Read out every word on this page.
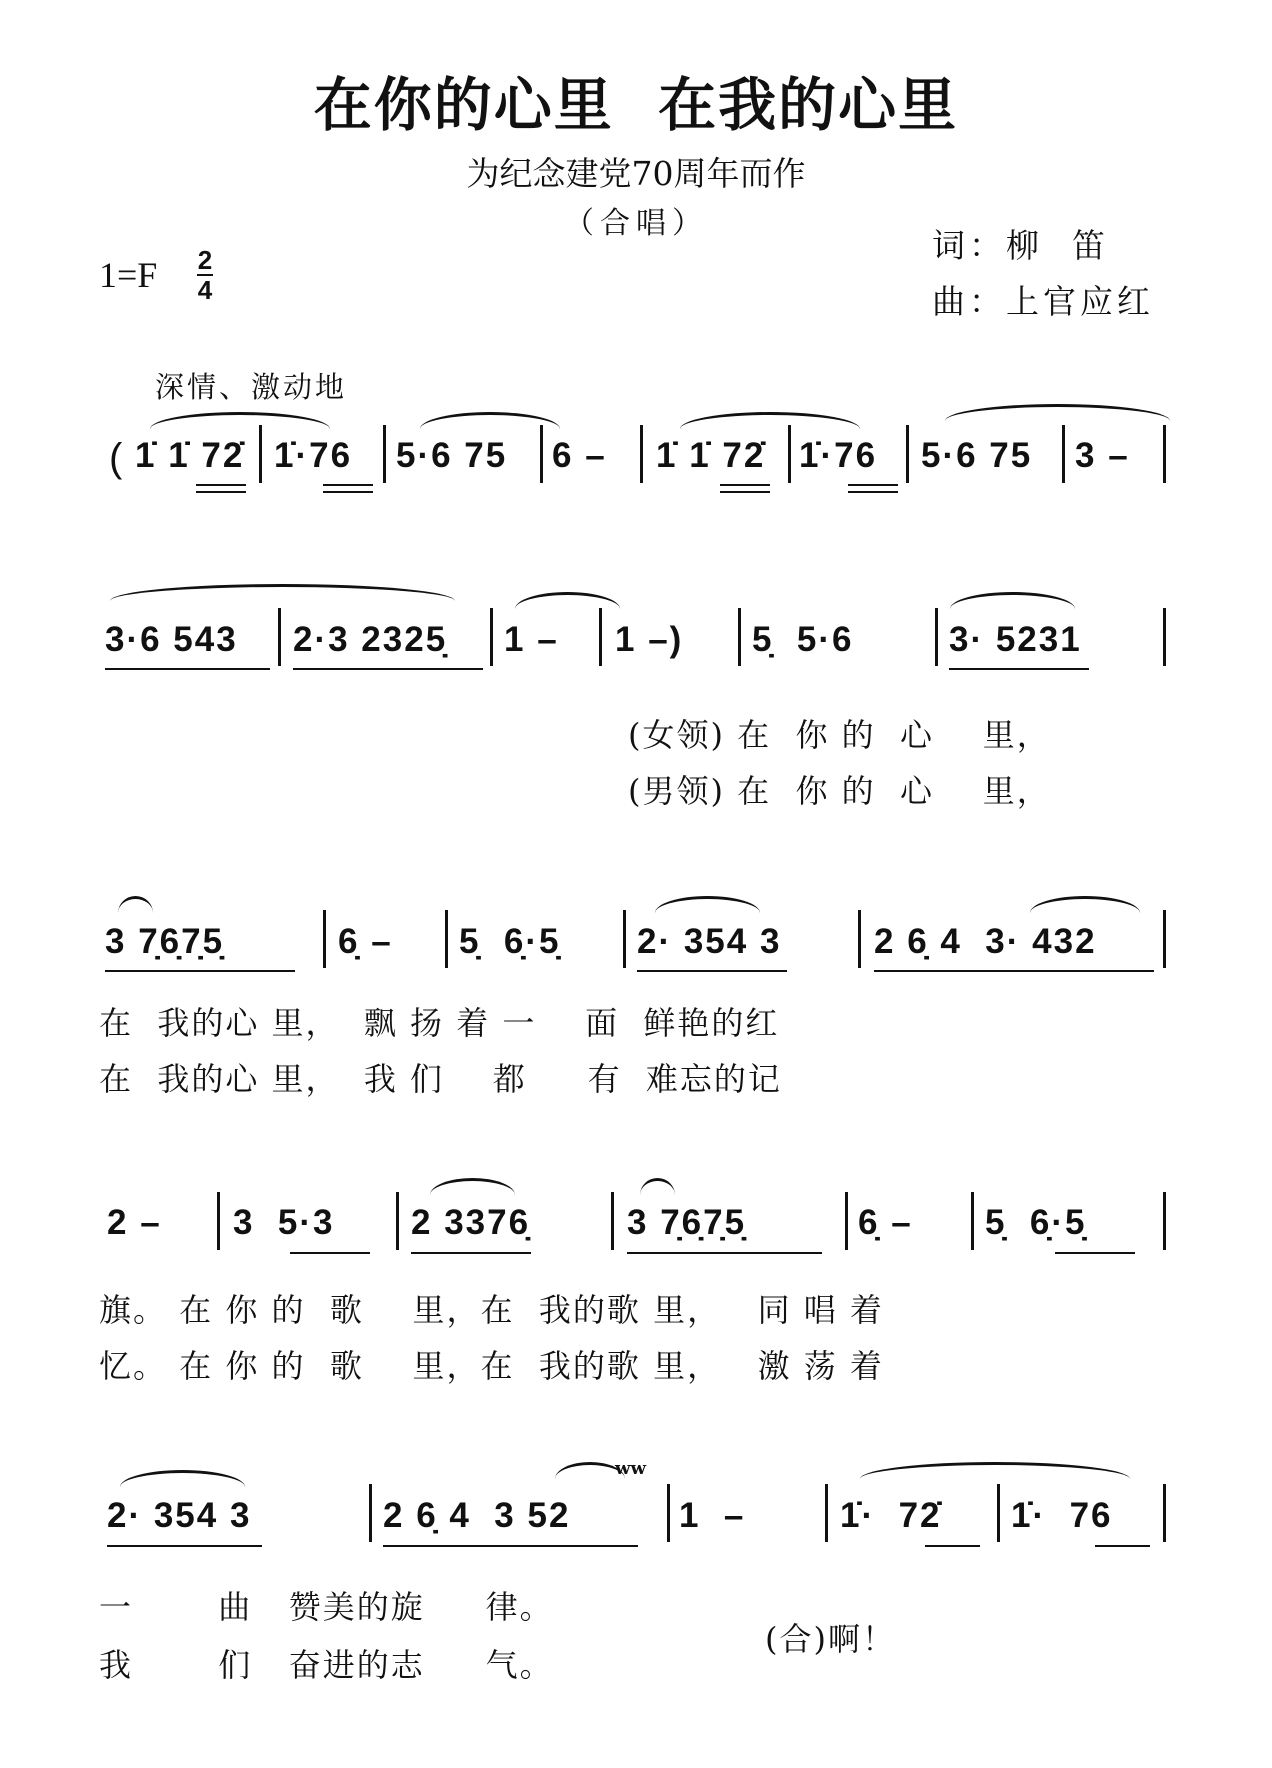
在你的心里  在我的心里
为纪念建党70周年而作
（合唱）
词：柳  笛
曲：上官应红
1=F 2
4
深情、激动地
( 1̇ 1̇ 72̇ 1̇·76 5·6 75 6 – 1̇ 1̇ 72̇ 1̇·76 5·6 75 3 –
3·6 543 2·3 2325̣ 1 – 1 –) 5̣  5·6	3· 5231
(女领) 在  你 的  心    里，
(男领) 在  你 的  心    里，
3 7̣6̣7̣5̣	6̣ – 5̣  6̣·5̣ 2· 354 3	2 6̣ 4  3· 432
在  我的心 里，  飘 扬 着 一    面  鲜艳的红
在  我的心 里，  我 们    都     有  难忘的记
2 – 3  5·3 2 3376̣	3 7̣6̣7̣5̣	6̣ – 5̣  6̣·5̣
旗。 在 你 的  歌    里，在  我的歌 里，   同 唱 着
忆。 在 你 的  歌    里，在  我的歌 里，   激 荡 着
2· 354 3	2 6̣ 4  3 52	1  –	1̇·  72̇ 1̇·  76
ww
一       曲   赞美的旋     律。
我       们   奋进的志     气。
(合)啊！
